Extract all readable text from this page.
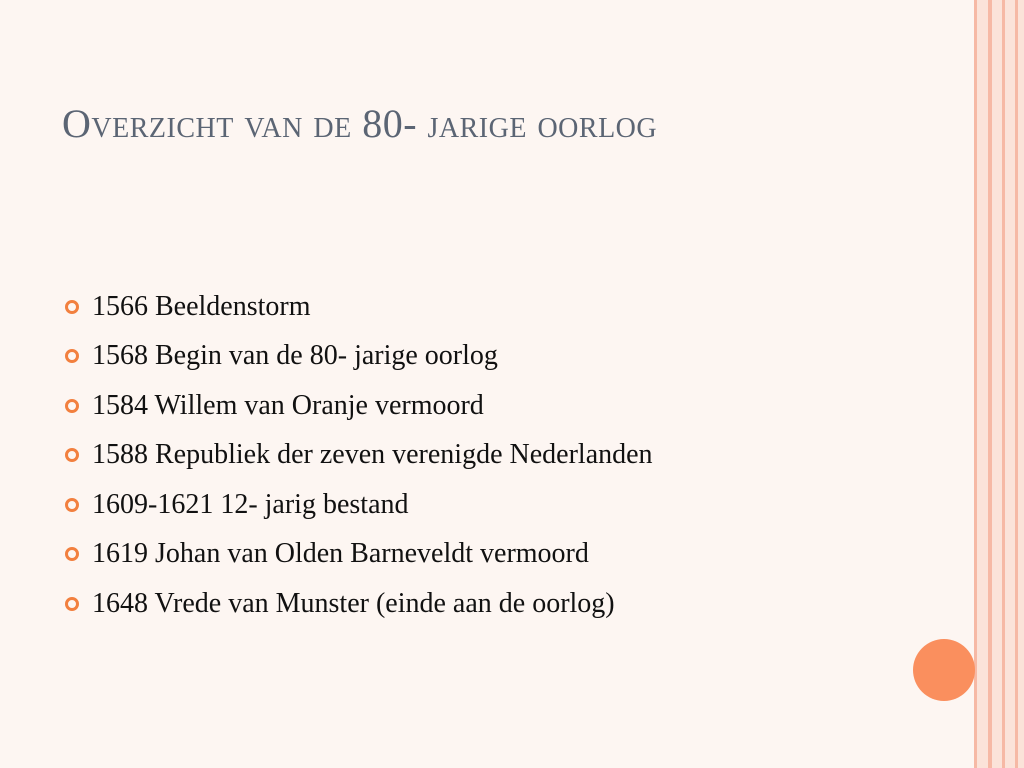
Overzicht van de 80- jarige oorlog
1566 Beeldenstorm
1568 Begin van de 80- jarige oorlog
1584 Willem van Oranje vermoord
1588 Republiek der zeven verenigde Nederlanden
1609-1621 12- jarig bestand
1619 Johan van Olden Barneveldt vermoord
1648 Vrede van Munster (einde aan de oorlog)
